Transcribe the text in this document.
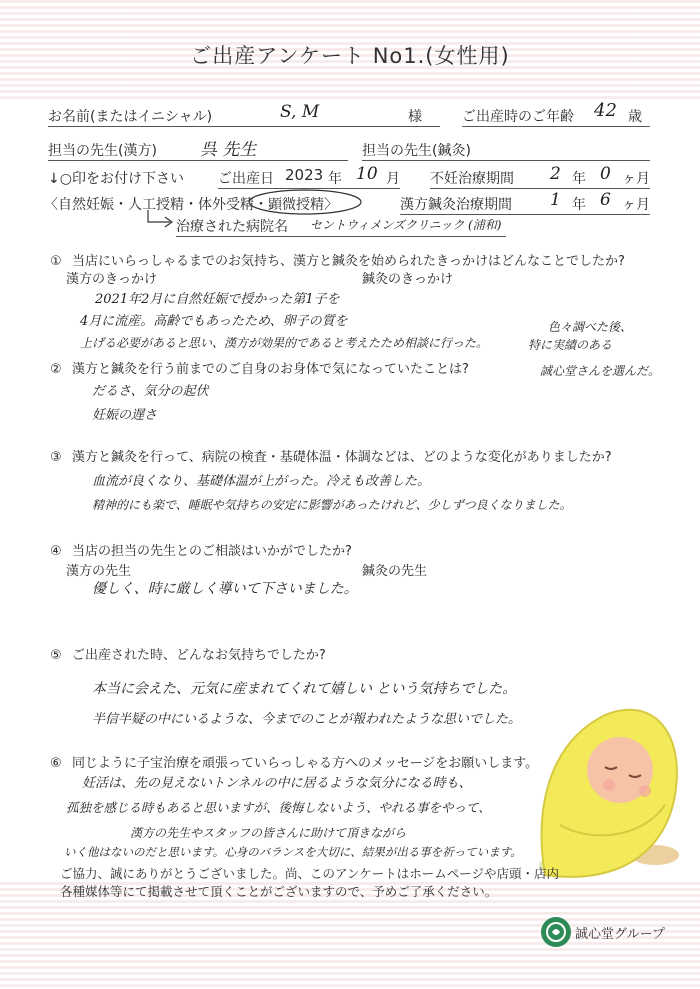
ご出産アンケート No1.(女性用)
お名前(またはイニシャル)	S, M	様	ご出産時のご年齢 42 歳
担当の先生(漢方)	呉 先生	担当の先生(鍼灸)
↓○印をお付け下さい ご出産日 2023 年 10 月 不妊治療期間 2 年 0 ヶ月
〈自然妊娠・人工授精・体外受精・顕微授精〉	漢方鍼灸治療期間 1 年 6 ヶ月
治療された病院名 セントウィメンズクリニック (浦和)
① 当店にいらっしゃるまでのお気持ち、漢方と鍼灸を始められたきっかけはどんなことでしたか?
漢方のきっかけ	鍼灸のきっかけ
2021年2月に自然妊娠で授かった第1子を
4月に流産。高齢でもあったため、卵子の質を
上げる必要があると思い、漢方が効果的であると考えたため相談に行った。
色々調べた後、
特に実績のある
誠心堂さんを選んだ。
② 漢方と鍼灸を行う前までのご自身のお身体で気になっていたことは?
だるさ、気分の起伏
妊娠の遅さ
③ 漢方と鍼灸を行って、病院の検査・基礎体温・体調などは、どのような変化がありましたか?
血流が良くなり、基礎体温が上がった。冷えも改善した。
精神的にも楽で、睡眠や気持ちの安定に影響があったけれど、少しずつ良くなりました。
④ 当店の担当の先生とのご相談はいかがでしたか?
漢方の先生	鍼灸の先生
優しく、時に厳しく導いて下さいました。
⑤ ご出産された時、どんなお気持ちでしたか?
本当に会えた、元気に産まれてくれて嬉しい という気持ちでした。
半信半疑の中にいるような、今までのことが報われたような思いでした。
⑥ 同じように子宝治療を頑張っていらっしゃる方へのメッセージをお願いします。
妊活は、先の見えないトンネルの中に居るような気分になる時も、
孤独を感じる時もあると思いますが、後悔しないよう、やれる事をやって、
漢方の先生やスタッフの皆さんに助けて頂きながら
いく他はないのだと思います。心身のバランスを大切に、結果が出る事を祈っています。
ご協力、誠にありがとうございました。尚、このアンケートはホームページや店頭・店内
各種媒体等にて掲載させて頂くことがございますので、予めご了承ください。
誠心堂グループ
